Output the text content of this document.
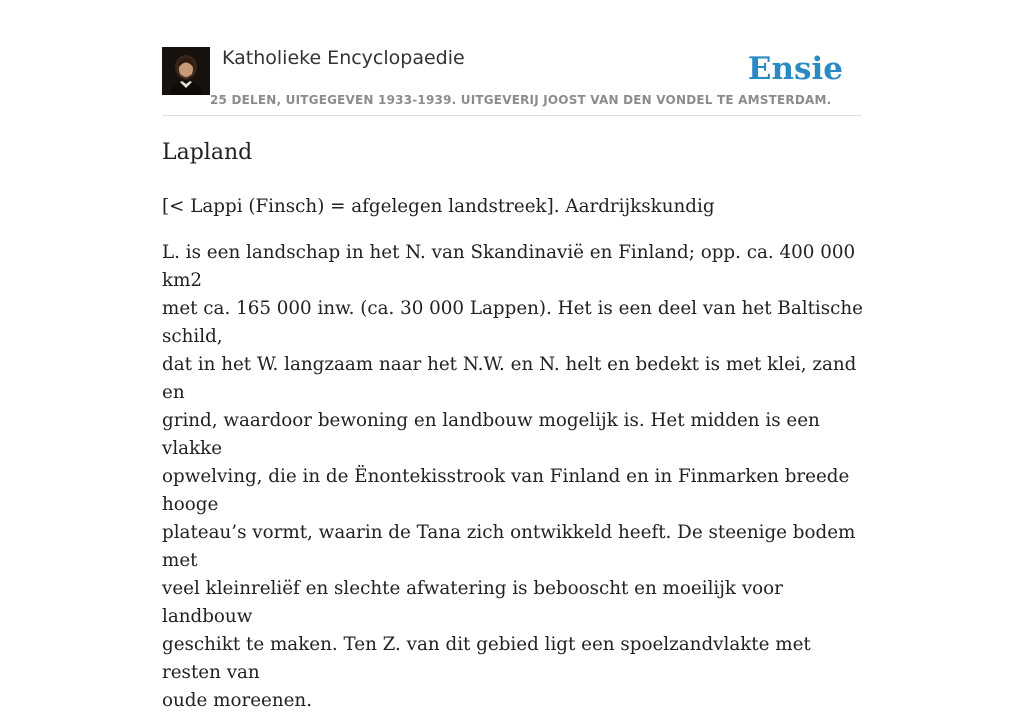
Katholieke Encyclopaedie
25 DELEN, UITGEGEVEN 1933-1939. UITGEVERIJ JOOST VAN DEN VONDEL TE AMSTERDAM.
Ensie
Lapland

[< Lappi (Finsch) = afgelegen landstreek]. Aardrijkskundig

L. is een landschap in het N. van Skandinavië en Finland; opp. ca. 400 000 km2
met ca. 165 000 inw. (ca. 30 000 Lappen). Het is een deel van het Baltische schild,
dat in het W. langzaam naar het N.W. en N. helt en bedekt is met klei, zand en
grind, waardoor bewoning en landbouw mogelijk is. Het midden is een vlakke
opwelving, die in de Ënontekisstrook van Finland en in Finmarken breede hooge
plateau’s vormt, waarin de Tana zich ontwikkeld heeft. De steenige bodem met
veel kleinreliëf en slechte afwatering is bebooscht en moeilijk voor landbouw
geschikt te maken. Ten Z. van dit gebied ligt een spoelzandvlakte met resten van
oude moreenen.
